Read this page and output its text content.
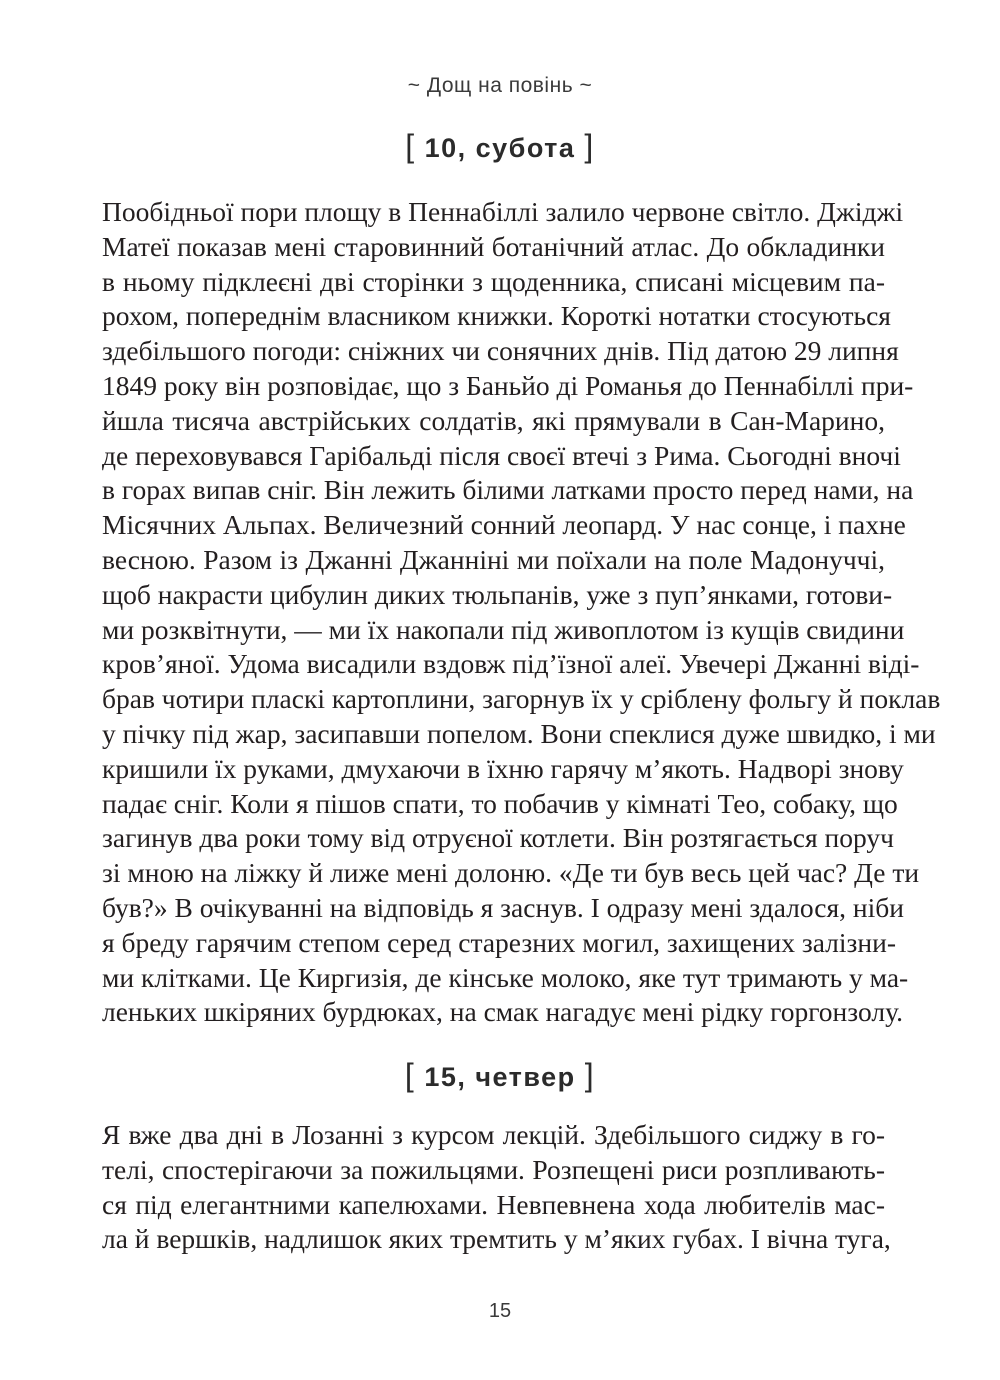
~ Дощ на повінь ~
[ 10, субота ]
Пообідньої пори площу в Пеннабіллі залило червоне світло. Джіджі
Матеї показав мені старовинний ботанічний атлас. До обкладинки
в ньому підклеєні дві сторінки з щоденника, списані місцевим па-
рохом, попереднім власником книжки. Короткі нотатки стосуються
здебільшого погоди: сніжних чи сонячних днів. Під датою 29 липня
1849 року він розповідає, що з Баньйо ді Романья до Пеннабіллі при-
йшла тисяча австрійських солдатів, які прямували в Сан-Марино,
де переховувався Гарібальді після своєї втечі з Рима. Сьогодні вночі
в горах випав сніг. Він лежить білими латками просто перед нами, на
Місячних Альпах. Величезний сонний леопард. У нас сонце, і пахне
весною. Разом із Джанні Джанніні ми поїхали на поле Мадонуччі,
щоб накрасти цибулин диких тюльпанів, уже з пуп’янками, готови-
ми розквітнути, — ми їх накопали під живоплотом із кущів свидини
кров’яної. Удома висадили вздовж під’їзної алеї. Увечері Джанні віді-
брав чотири пласкі картоплини, загорнув їх у сріблену фольгу й поклав
у пічку під жар, засипавши попелом. Вони спеклися дуже швидко, і ми
кришили їх руками, дмухаючи в їхню гарячу м’якоть. Надворі знову
падає сніг. Коли я пішов спати, то побачив у кімнаті Тео, собаку, що
загинув два роки тому від отруєної котлети. Він розтягається поруч
зі мною на ліжку й лиже мені долоню. «Де ти був весь цей час? Де ти
був?» В очікуванні на відповідь я заснув. І одразу мені здалося, ніби
я бреду гарячим степом серед старезних могил, захищених залізни-
ми клітками. Це Киргизія, де кінське молоко, яке тут тримають у ма-
леньких шкіряних бурдюках, на смак нагадує мені рідку горгонзолу.
[ 15, четвер ]
Я вже два дні в Лозанні з курсом лекцій. Здебільшого сиджу в го-
телі, спостерігаючи за пожильцями. Розпещені риси розпливають-
ся під елегантними капелюхами. Невпевнена хода любителів мас-
ла й вершків, надлишок яких тремтить у м’яких губах. І вічна туга,
15
